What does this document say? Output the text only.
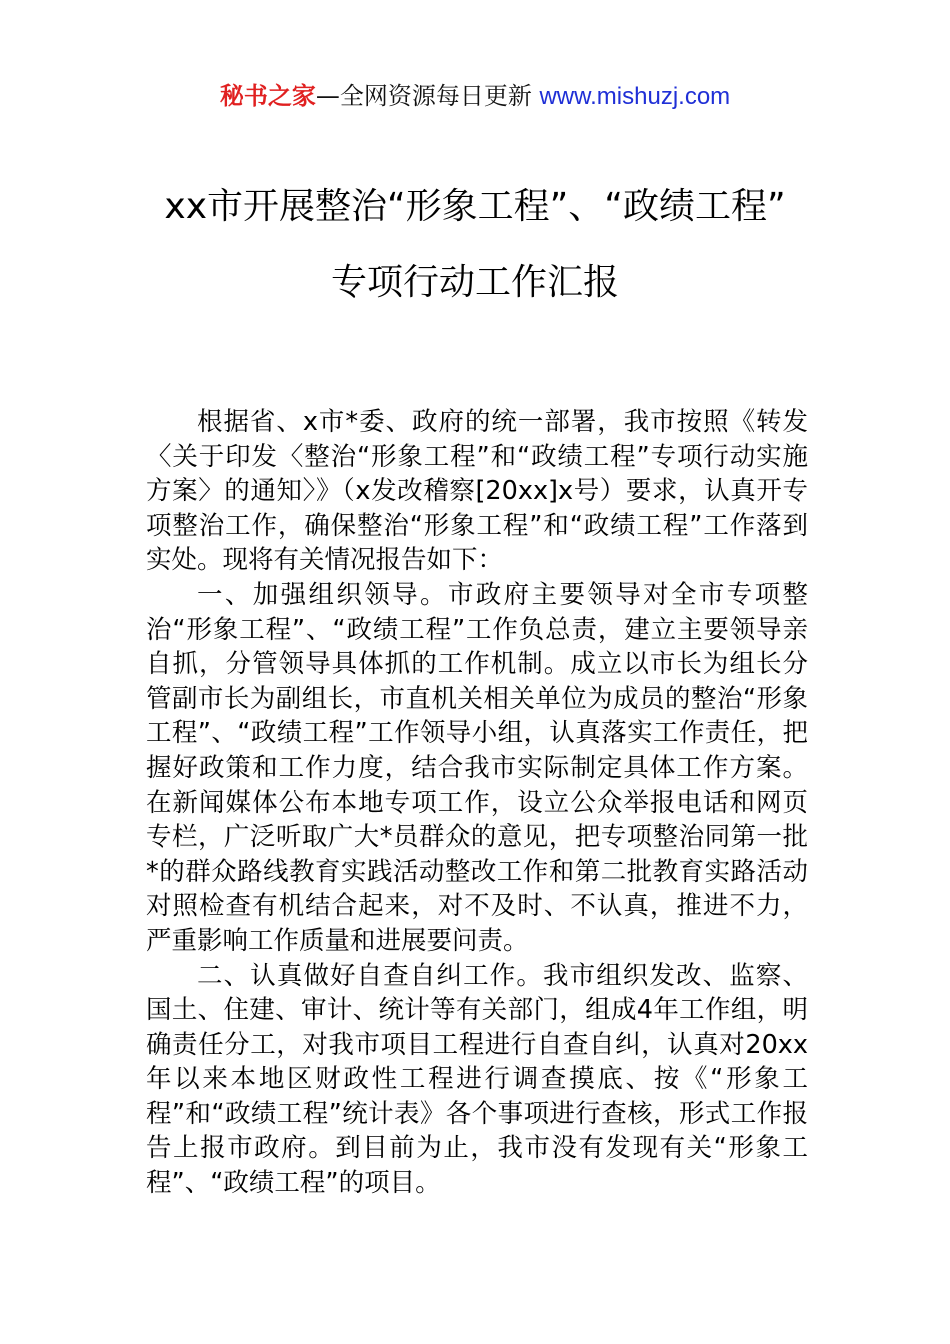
秘书之家—全网资源每日更新 www.mishuzj.com
xx市开展整治“形象工程”、“政绩工程”
专项行动工作汇报

根据省、x市*委、政府的统一部署，我市按照《转发〈关于印发〈整治“形象工程”和“政绩工程”专项行动实施方案〉的通知〉》（x发改稽察[20xx]x号）要求，认真开专项整治工作，确保整治“形象工程”和“政绩工程”工作落到实处。现将有关情况报告如下：

一、加强组织领导。市政府主要领导对全市专项整治“形象工程”、“政绩工程”工作负总责，建立主要领导亲自抓，分管领导具体抓的工作机制。成立以市长为组长分管副市长为副组长，市直机关相关单位为成员的整治“形象工程”、“政绩工程”工作领导小组，认真落实工作责任，把握好政策和工作力度，结合我市实际制定具体工作方案。在新闻媒体公布本地专项工作，设立公众举报电话和网页专栏，广泛听取广大*员群众的意见，把专项整治同第一批*的群众路线教育实践活动整改工作和第二批教育实路活动对照检查有机结合起来，对不及时、不认真，推进不力，严重影响工作质量和进展要问责。

二、认真做好自查自纠工作。我市组织发改、监察、国土、住建、审计、统计等有关部门，组成4年工作组，明确责任分工，对我市项目工程进行自查自纠，认真对20xx年以来本地区财政性工程进行调查摸底、按《“形象工程”和“政绩工程”统计表》各个事项进行查核，形式工作报告上报市政府。到目前为止，我市没有发现有关“形象工程”、“政绩工程”的项目。
